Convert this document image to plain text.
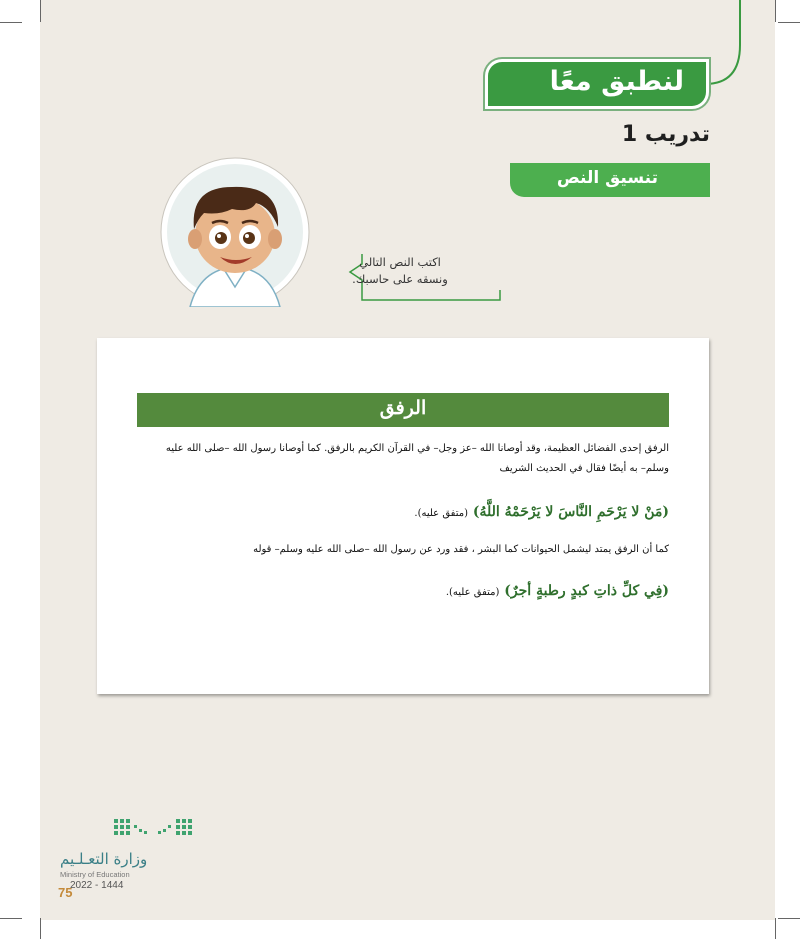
لنطبق معًا
تدريب 1
تنسيق النص
اكتب النص التالي
ونسقه على حاسبك.
الرفق
الرفق إحدى الفضائل العظيمة، وقد أوصانا الله –عز وجل– في القرآن الكريم بالرفق. كما أوصانا رسول الله –صلى الله عليه وسلم– به أيضًا فقال في الحديث الشريف
(مَنْ لا يَرْحَمِ النَّاسَ لا يَرْحَمْهُ اللَّهُ) (متفق عليه).
كما أن الرفق يمتد ليشمل الحيوانات كما البشر ، فقد ورد عن رسول الله –صلى الله عليه وسلم– قوله
(فِي كلِّ ذاتِ كبدٍ رطبةٍ أجرٌ) (متفق عليه).
وزارة التعـلـيم
Ministry of Education
2022 - 1444
75
